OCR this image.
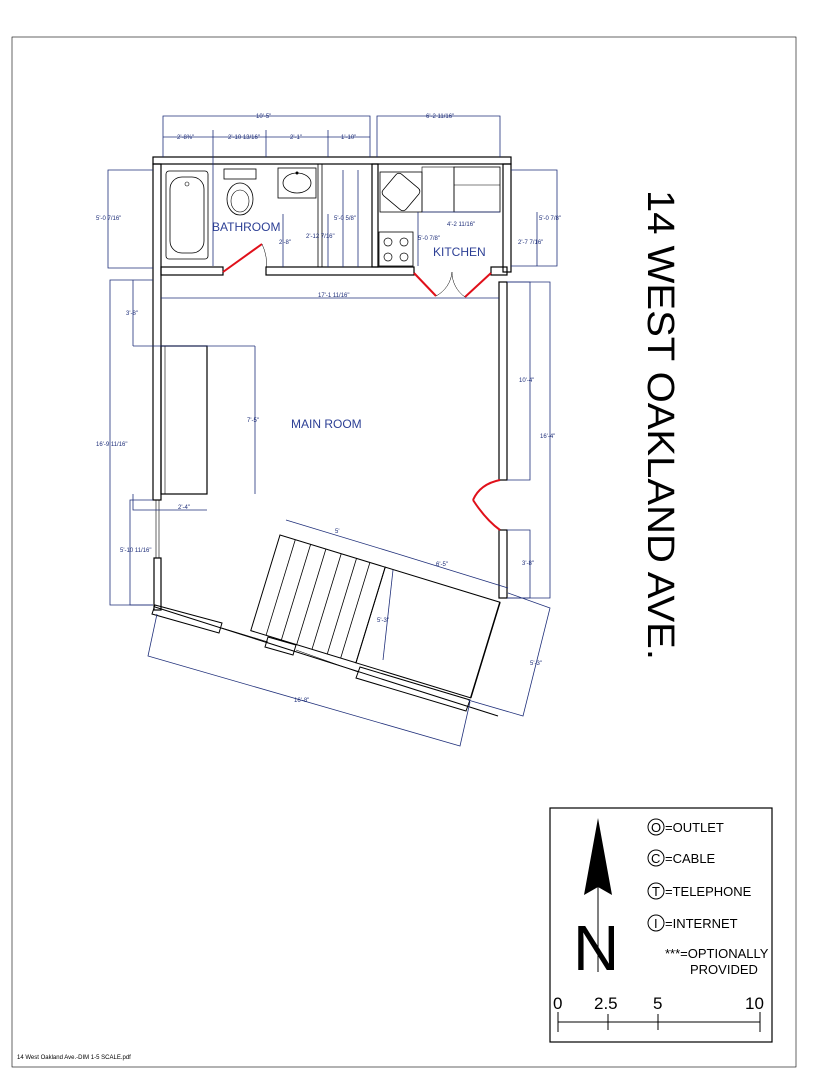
10'-5"
2'-8⅜"	2'-10 13/16"	2'-1"	1'-10"
6'-2 11/16"
5'-0 7/16"	5'-0 5/8"
2'-8"
2'-12 7/16"
5'-0 7/8"
2'-7 7/16"
4'-2 11/16"
5'-0 7/8"
17'-1 11/16"
3'-8"
16'-9 11/16"
5'-10 11/16"
7'-5"
2'-4"
10'-4"
16'-4"
3'-8"
5'
6'-5"
5'-3"
5'-3"
16'-8"
BATHROOM
KITCHEN
MAIN ROOM	14 WEST OAKLAND AVE.
N
O =OUTLET
C =CABLE
T =TELEPHONE
I =INTERNET
***=OPTIONALLY
PROVIDED
0 2.5 5	10
14 West Oakland Ave.-DIM 1-5 SCALE.pdf
